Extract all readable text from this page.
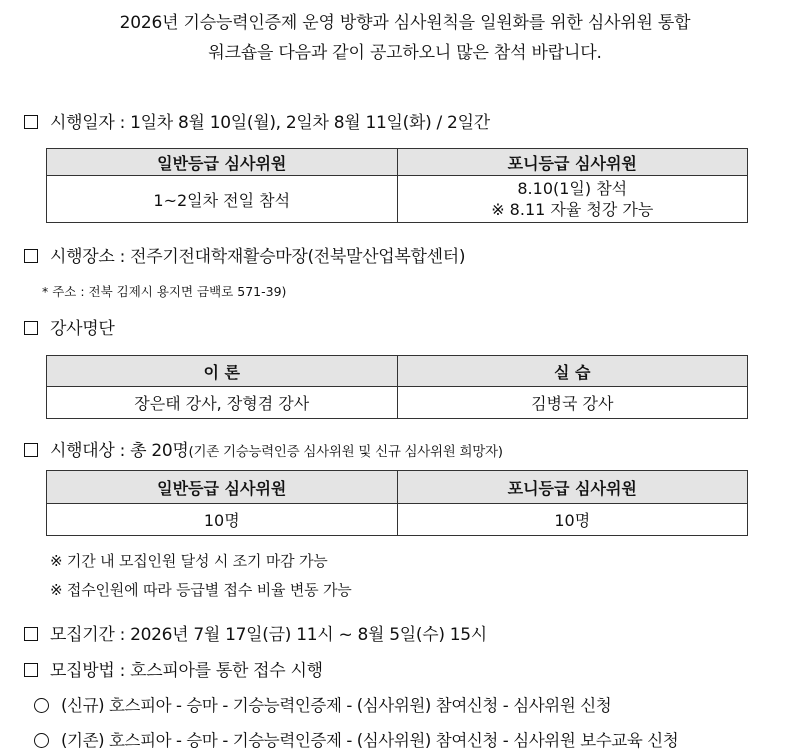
2026년 기승능력인증제 운영 방향과 심사원칙을 일원화를 위한 심사위원 통합
워크숍을 다음과 같이 공고하오니 많은 참석 바랍니다.
시행일자 : 1일차 8월 10일(월), 2일차 8월 11일(화) / 2일간
일반등급 심사위원	포니등급 심사위원
1~2일차 전일 참석	8.10(1일) 참석
※ 8.11 자율 청강 가능
시행장소 : 전주기전대학재활승마장(전북말산업복합센터)
* 주소 : 전북 김제시 용지면 금백로 571-39)
강사명단
이 론	실 습
장은태 강사, 장형겸 강사	김병국 강사
시행대상 : 총 20명(기존 기승능력인증 심사위원 및 신규 심사위원 희망자)
일반등급 심사위원	포니등급 심사위원
10명	10명
※ 기간 내 모집인원 달성 시 조기 마감 가능
※ 접수인원에 따라 등급별 접수 비율 변동 가능
모집기간 : 2026년 7월 17일(금) 11시 ~ 8월 5일(수) 15시
모집방법 : 호스피아를 통한 접수 시행
(신규) 호스피아 - 승마 - 기승능력인증제 - (심사위원) 참여신청 - 심사위원 신청
(기존) 호스피아 - 승마 - 기승능력인증제 - (심사위원) 참여신청 - 심사위원 보수교육 신청
